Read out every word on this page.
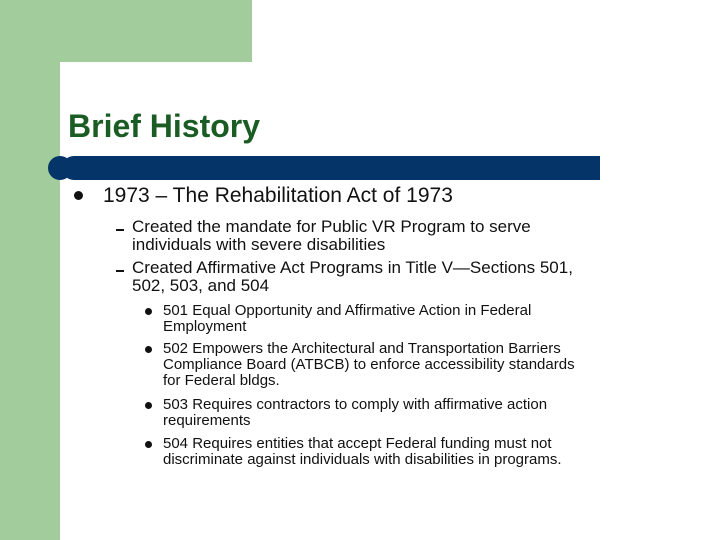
Brief History
1973 – The Rehabilitation Act of 1973
Created the mandate for Public VR Program to serve
individuals with severe disabilities
Created Affirmative Act Programs in Title V—Sections 501,
502, 503, and 504
501 Equal Opportunity and Affirmative Action in Federal
Employment
502 Empowers the Architectural and Transportation Barriers
Compliance Board (ATBCB) to enforce accessibility standards
for Federal bldgs.
503 Requires contractors to comply with affirmative action
requirements
504 Requires entities that accept Federal funding must not
discriminate against individuals with disabilities in programs.
